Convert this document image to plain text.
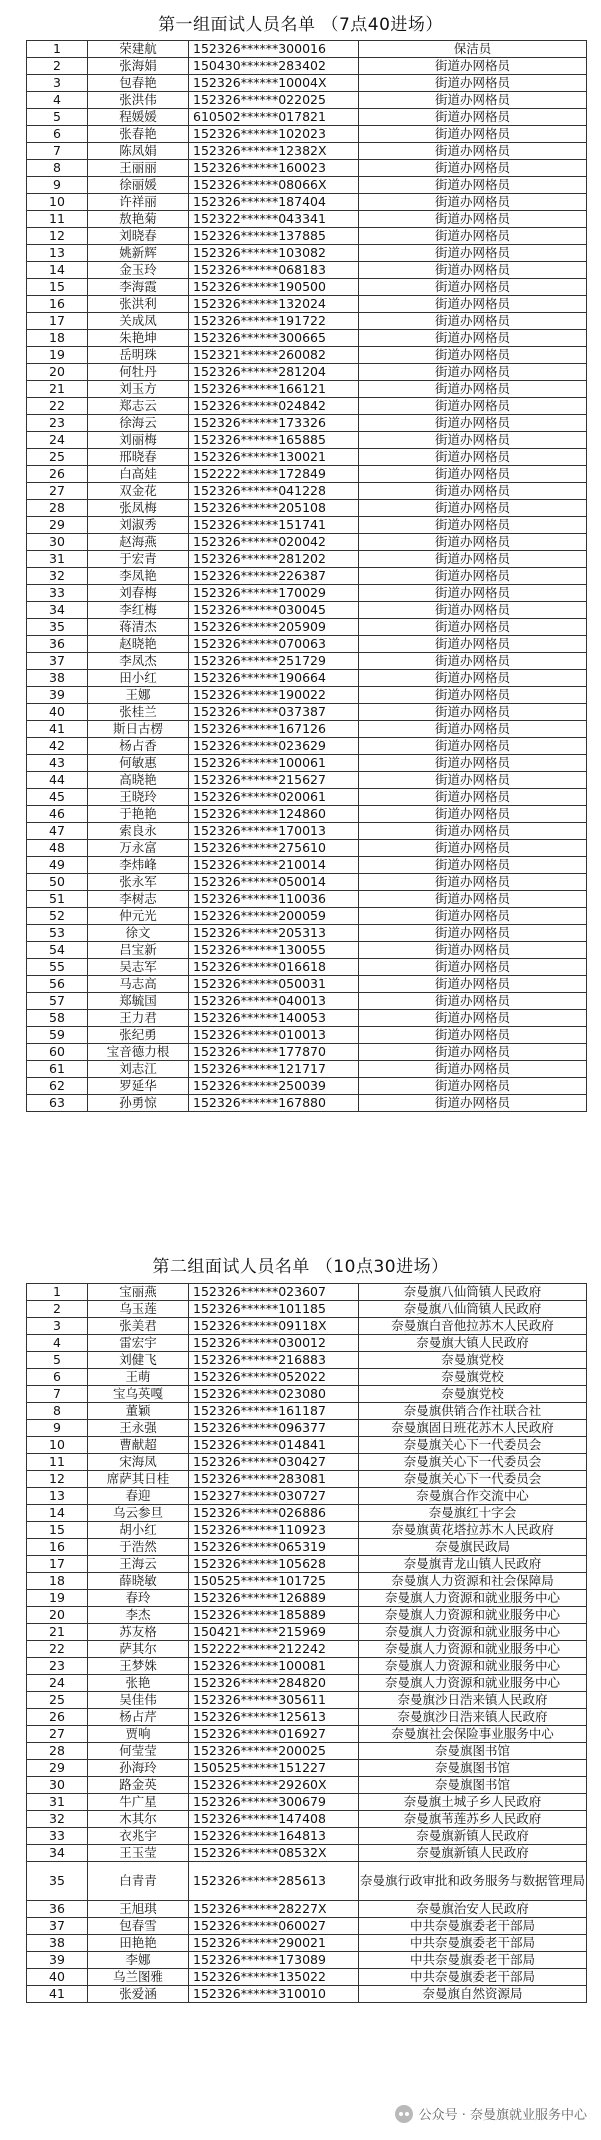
第一组面试人员名单 （7点40进场）
1	荣建航	152326******300016	保洁员
2	张海娟	150430******283402	街道办网格员
3	包春艳	152326******10004X	街道办网格员
4	张洪伟	152326******022025	街道办网格员
5	程媛媛	610502******017821	街道办网格员
6	张春艳	152326******102023	街道办网格员
7	陈凤娟	152326******12382X	街道办网格员
8	王丽丽	152326******160023	街道办网格员
9	徐丽媛	152326******08066X	街道办网格员
10	许祥丽	152326******187404	街道办网格员
11	敖艳菊	152322******043341	街道办网格员
12	刘晓春	152326******137885	街道办网格员
13	姚新辉	152326******103082	街道办网格员
14	金玉玲	152326******068183	街道办网格员
15	李海霞	152326******190500	街道办网格员
16	张洪利	152326******132024	街道办网格员
17	关成凤	152326******191722	街道办网格员
18	朱艳坤	152326******300665	街道办网格员
19	岳明珠	152321******260082	街道办网格员
20	何牡丹	152326******281204	街道办网格员
21	刘玉方	152326******166121	街道办网格员
22	郑志云	152326******024842	街道办网格员
23	徐海云	152326******173326	街道办网格员
24	刘丽梅	152326******165885	街道办网格员
25	邢晓春	152326******130021	街道办网格员
26	白高娃	152222******172849	街道办网格员
27	双金花	152326******041228	街道办网格员
28	张凤梅	152326******205108	街道办网格员
29	刘淑秀	152326******151741	街道办网格员
30	赵海燕	152326******020042	街道办网格员
31	于宏青	152326******281202	街道办网格员
32	李凤艳	152326******226387	街道办网格员
33	刘春梅	152326******170029	街道办网格员
34	李红梅	152326******030045	街道办网格员
35	蒋清杰	152326******205909	街道办网格员
36	赵晓艳	152326******070063	街道办网格员
37	李凤杰	152326******251729	街道办网格员
38	田小红	152326******190664	街道办网格员
39	王娜	152326******190022	街道办网格员
40	张桂兰	152326******037387	街道办网格员
41	斯日古楞	152326******167126	街道办网格员
42	杨占香	152326******023629	街道办网格员
43	何敏惠	152326******100061	街道办网格员
44	高晓艳	152326******215627	街道办网格员
45	王晓玲	152326******020061	街道办网格员
46	于艳艳	152326******124860	街道办网格员
47	索良永	152326******170013	街道办网格员
48	万永富	152326******275610	街道办网格员
49	李炜峰	152326******210014	街道办网格员
50	张永军	152326******050014	街道办网格员
51	李树志	152326******110036	街道办网格员
52	仲元光	152326******200059	街道办网格员
53	徐文	152326******205313	街道办网格员
54	吕宝新	152326******130055	街道办网格员
55	吴志军	152326******016618	街道办网格员
56	马志高	152326******050031	街道办网格员
57	郑毓国	152326******040013	街道办网格员
58	王力君	152326******140053	街道办网格员
59	张纪勇	152326******010013	街道办网格员
60	宝音德力根	152326******177870	街道办网格员
61	刘志江	152326******121717	街道办网格员
62	罗延华	152326******250039	街道办网格员
63	孙勇惊	152326******167880	街道办网格员
第二组面试人员名单 （10点30进场）
1	宝丽燕	152326******023607	奈曼旗八仙筒镇人民政府
2	乌玉莲	152326******101185	奈曼旗八仙筒镇人民政府
3	张美君	152326******09118X	奈曼旗白音他拉苏木人民政府
4	雷宏宇	152326******030012	奈曼旗大镇人民政府
5	刘健飞	152326******216883	奈曼旗党校
6	王萌	152326******052022	奈曼旗党校
7	宝乌英嘎	152326******023080	奈曼旗党校
8	董颖	152326******161187	奈曼旗供销合作社联合社
9	王永强	152326******096377	奈曼旗固日班花苏木人民政府
10	曹献超	152326******014841	奈曼旗关心下一代委员会
11	宋海凤	152326******030427	奈曼旗关心下一代委员会
12	席萨其日桂	152326******283081	奈曼旗关心下一代委员会
13	春迎	152327******030727	奈曼旗合作交流中心
14	乌云参旦	152326******026886	奈曼旗红十字会
15	胡小红	152326******110923	奈曼旗黄花塔拉苏木人民政府
16	于浩然	152326******065319	奈曼旗民政局
17	王海云	152326******105628	奈曼旗青龙山镇人民政府
18	薛晓敏	150525******101725	奈曼旗人力资源和社会保障局
19	春玲	152326******126889	奈曼旗人力资源和就业服务中心
20	李杰	152326******185889	奈曼旗人力资源和就业服务中心
21	苏友格	150421******215969	奈曼旗人力资源和就业服务中心
22	萨其尔	152222******212242	奈曼旗人力资源和就业服务中心
23	王梦姝	152326******100081	奈曼旗人力资源和就业服务中心
24	张艳	152326******284820	奈曼旗人力资源和就业服务中心
25	吴佳伟	152326******305611	奈曼旗沙日浩来镇人民政府
26	杨占芹	152326******125613	奈曼旗沙日浩来镇人民政府
27	贾响	152326******016927	奈曼旗社会保险事业服务中心
28	何莹莹	152326******200025	奈曼旗图书馆
29	孙海玲	150525******151227	奈曼旗图书馆
30	路金英	152326******29260X	奈曼旗图书馆
31	牛广星	152326******300679	奈曼旗土城子乡人民政府
32	木其尔	152326******147408	奈曼旗苇莲苏乡人民政府
33	衣兆宇	152326******164813	奈曼旗新镇人民政府
34	王玉莹	152326******08532X	奈曼旗新镇人民政府
35	白青青	152326******285613	奈曼旗行政审批和政务服务与数据管理局
36	王旭琪	152326******28227X	奈曼旗治安人民政府
37	包春雪	152326******060027	中共奈曼旗委老干部局
38	田艳艳	152326******290021	中共奈曼旗委老干部局
39	李娜	152326******173089	中共奈曼旗委老干部局
40	乌兰图雅	152326******135022	中共奈曼旗委老干部局
41	张爱涵	152326******310010	奈曼旗自然资源局
公众号 · 奈曼旗就业服务中心
